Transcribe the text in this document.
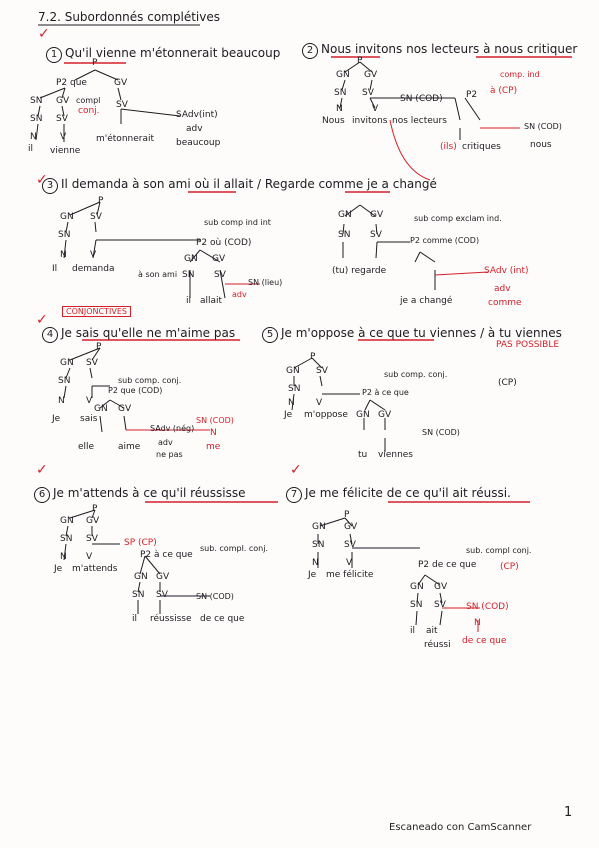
7.2. Subordonnés complétives
✓
✓
✓
✓	✓
1 Qu'il vienne m'étonnerait beaucoup
P
P2 que	GV
conj.
SN GV compl SV
SN SV
N	V
il vienne
m'étonnerait
SAdv(int)
adv
beaucoup
2 Nous invitons nos lecteurs à nous critiquer
P
GN GV
SN SV
N	V
Nous invitons nos lecteurs
SN (COD)
comp. ind
P2 à (CP)
SN (COD)
(ils) critiques	nous
3 Il demanda à son ami où il allait / Regarde comme je a changé
P
GN SV
SN
N	V
Il demanda
P2 où (COD)
sub comp ind int
à son ami
GN GV
SN SV
il allait
SN (lieu)
adv
GN GV
SN SV
(tu) regarde
sub comp exclam ind.
P2 comme (COD)
SAdv (int)
adv
comme
je a changé
CONJONCTIVES
4 Je sais qu'elle ne m'aime pas
P
GN SV
SN
N V
Je sais
sub comp. conj.
P2 que (COD)
GN GV
SAdv (nég)
SN (COD)
adv
ne pas
elle	aime
N
me
5 Je m'oppose à ce que tu viennes / à tu viennes
PAS POSSIBLE
P
GN SV
SN
N V
Je m'oppose
sub comp. conj.
P2 à ce que
(CP)
GN GV
tu viennes
SN (COD)
6 Je m'attends à ce qu'il réussisse
P
GN GV
SN SV
N V
Je m'attends
SP (CP)
P2 à ce que
sub. compl. conj.
GN GV
SN SV	SN (COD)
il réussisse de ce que
7 Je me félicite de ce qu'il ait réussi.
P
GN GV
SN SV
N	V
Je me félicite
P2 de ce que
sub. compl conj.
(CP)
GN GV
SN SV
il ait
réussi
SN (COD)
N
de ce que
1
Escaneado con CamScanner
